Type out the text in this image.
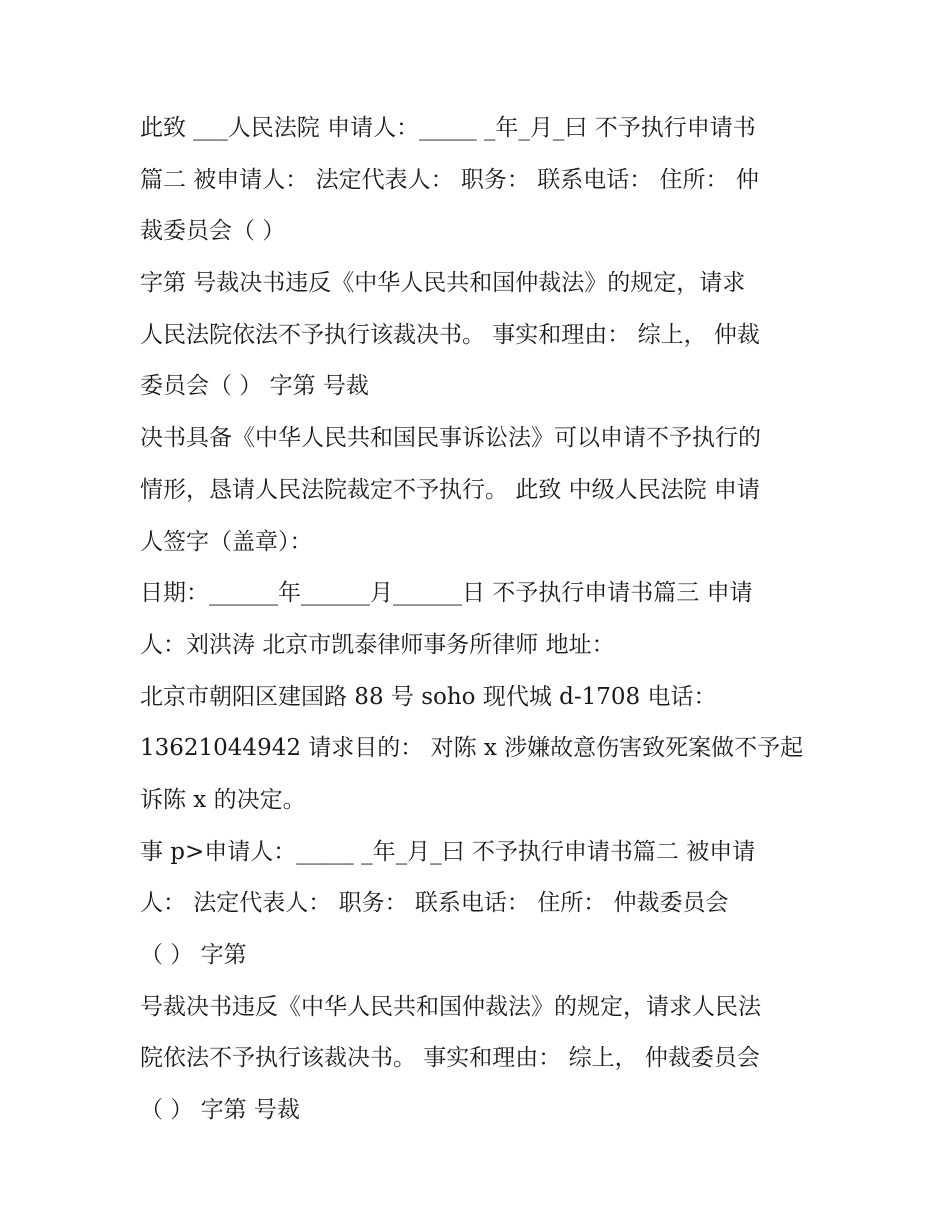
此致 ___人民法院 申请人：_____ _年_月_曰 不予执行申请书
篇二 被申请人： 法定代表人： 职务： 联系电话： 住所： 仲
裁委员会（ ）
字第 号裁决书违反《中华人民共和国仲裁法》的规定，请求
人民法院依法不予执行该裁决书。 事实和理由： 综上， 仲裁
委员会（ ） 字第 号裁
决书具备《中华人民共和国民事诉讼法》可以申请不予执行的
情形，恳请人民法院裁定不予执行。 此致 中级人民法院 申请
人签字（盖章）：
日期：______年______月______日 不予执行申请书篇三 申请
人：刘洪涛 北京市凯泰律师事务所律师 地址：
北京市朝阳区建国路 88 号 soho 现代城 d-1708 电话：
13621044942 请求目的： 对陈 x 涉嫌故意伤害致死案做不予起
诉陈 x 的决定。
事 p>申请人：_____ _年_月_曰 不予执行申请书篇二 被申请
人： 法定代表人： 职务： 联系电话： 住所： 仲裁委员会
（ ） 字第
号裁决书违反《中华人民共和国仲裁法》的规定，请求人民法
院依法不予执行该裁决书。 事实和理由： 综上， 仲裁委员会
（ ） 字第 号裁
